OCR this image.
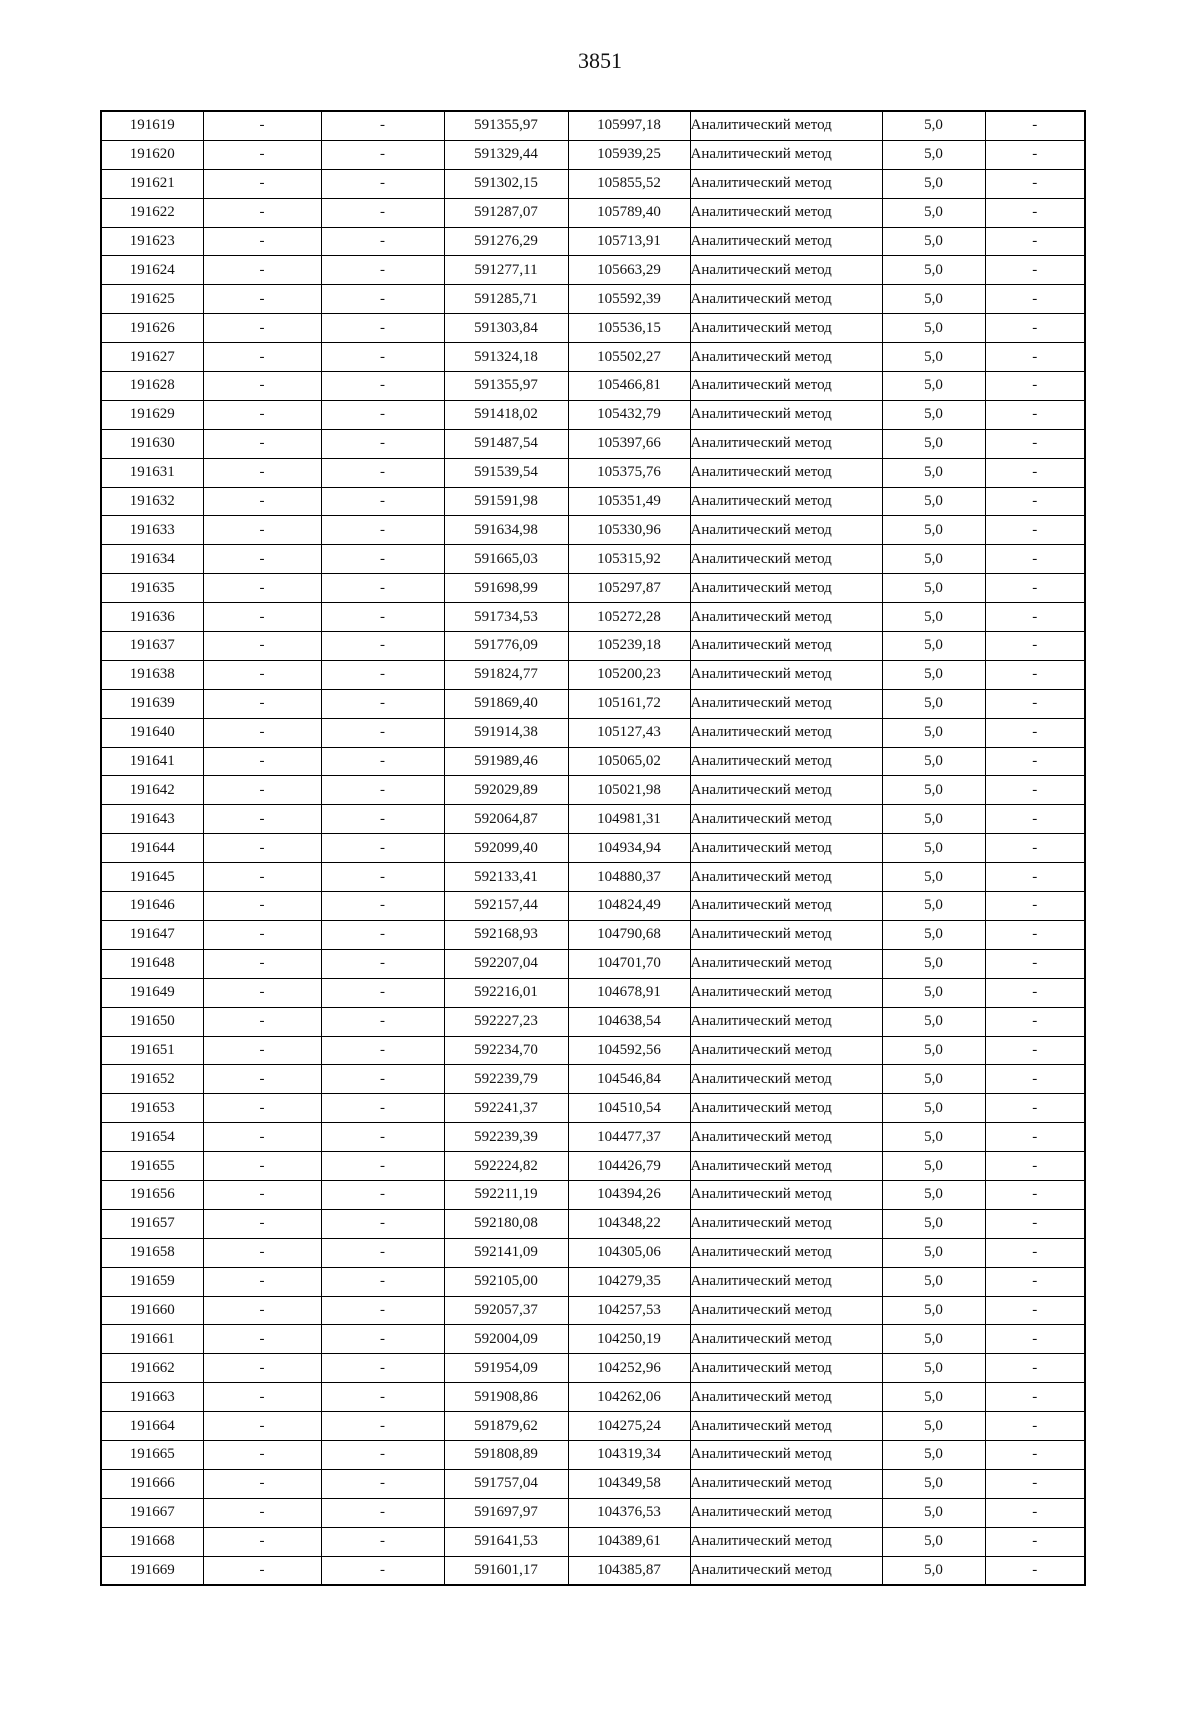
3851
191619	-	-	591355,97	105997,18	Аналитический метод	5,0	-
191620	-	-	591329,44	105939,25	Аналитический метод	5,0	-
191621	-	-	591302,15	105855,52	Аналитический метод	5,0	-
191622	-	-	591287,07	105789,40	Аналитический метод	5,0	-
191623	-	-	591276,29	105713,91	Аналитический метод	5,0	-
191624	-	-	591277,11	105663,29	Аналитический метод	5,0	-
191625	-	-	591285,71	105592,39	Аналитический метод	5,0	-
191626	-	-	591303,84	105536,15	Аналитический метод	5,0	-
191627	-	-	591324,18	105502,27	Аналитический метод	5,0	-
191628	-	-	591355,97	105466,81	Аналитический метод	5,0	-
191629	-	-	591418,02	105432,79	Аналитический метод	5,0	-
191630	-	-	591487,54	105397,66	Аналитический метод	5,0	-
191631	-	-	591539,54	105375,76	Аналитический метод	5,0	-
191632	-	-	591591,98	105351,49	Аналитический метод	5,0	-
191633	-	-	591634,98	105330,96	Аналитический метод	5,0	-
191634	-	-	591665,03	105315,92	Аналитический метод	5,0	-
191635	-	-	591698,99	105297,87	Аналитический метод	5,0	-
191636	-	-	591734,53	105272,28	Аналитический метод	5,0	-
191637	-	-	591776,09	105239,18	Аналитический метод	5,0	-
191638	-	-	591824,77	105200,23	Аналитический метод	5,0	-
191639	-	-	591869,40	105161,72	Аналитический метод	5,0	-
191640	-	-	591914,38	105127,43	Аналитический метод	5,0	-
191641	-	-	591989,46	105065,02	Аналитический метод	5,0	-
191642	-	-	592029,89	105021,98	Аналитический метод	5,0	-
191643	-	-	592064,87	104981,31	Аналитический метод	5,0	-
191644	-	-	592099,40	104934,94	Аналитический метод	5,0	-
191645	-	-	592133,41	104880,37	Аналитический метод	5,0	-
191646	-	-	592157,44	104824,49	Аналитический метод	5,0	-
191647	-	-	592168,93	104790,68	Аналитический метод	5,0	-
191648	-	-	592207,04	104701,70	Аналитический метод	5,0	-
191649	-	-	592216,01	104678,91	Аналитический метод	5,0	-
191650	-	-	592227,23	104638,54	Аналитический метод	5,0	-
191651	-	-	592234,70	104592,56	Аналитический метод	5,0	-
191652	-	-	592239,79	104546,84	Аналитический метод	5,0	-
191653	-	-	592241,37	104510,54	Аналитический метод	5,0	-
191654	-	-	592239,39	104477,37	Аналитический метод	5,0	-
191655	-	-	592224,82	104426,79	Аналитический метод	5,0	-
191656	-	-	592211,19	104394,26	Аналитический метод	5,0	-
191657	-	-	592180,08	104348,22	Аналитический метод	5,0	-
191658	-	-	592141,09	104305,06	Аналитический метод	5,0	-
191659	-	-	592105,00	104279,35	Аналитический метод	5,0	-
191660	-	-	592057,37	104257,53	Аналитический метод	5,0	-
191661	-	-	592004,09	104250,19	Аналитический метод	5,0	-
191662	-	-	591954,09	104252,96	Аналитический метод	5,0	-
191663	-	-	591908,86	104262,06	Аналитический метод	5,0	-
191664	-	-	591879,62	104275,24	Аналитический метод	5,0	-
191665	-	-	591808,89	104319,34	Аналитический метод	5,0	-
191666	-	-	591757,04	104349,58	Аналитический метод	5,0	-
191667	-	-	591697,97	104376,53	Аналитический метод	5,0	-
191668	-	-	591641,53	104389,61	Аналитический метод	5,0	-
191669	-	-	591601,17	104385,87	Аналитический метод	5,0	-
